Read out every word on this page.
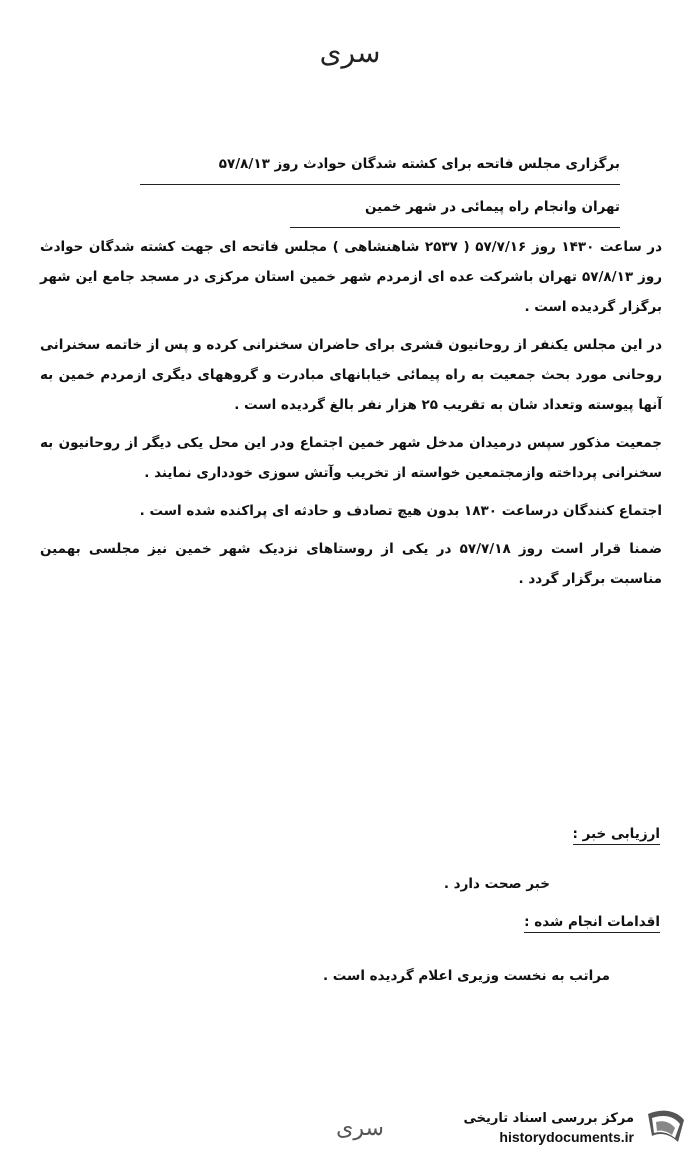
سری
برگزاری مجلس فاتحه برای کشته شدگان حوادث روز ۵۷/۸/۱۳
تهران وانجام راه پیمائی در شهر خمین

در ساعت ۱۴۳۰ روز ۵۷/۷/۱۶ ( ۲۵۳۷ شاهنشاهی ) مجلس فاتحه ای جهت کشته شدگان حوادث روز ۵۷/۸/۱۳ تهران باشرکت عده ای ازمردم شهر خمین استان مرکزی در مسجد جامع این شهر برگزار گردیده است .

در این مجلس یکنفر از روحانیون قشری برای حاضران سخنرانی کرده و پس از خاتمه سخنرانی روحانی مورد بحث جمعیت به راه پیمائی خیابانهای مبادرت و گروههای دیگری ازمردم خمین به آنها پیوسته وتعداد شان به تقریب ۲۵ هزار نفر بالغ گردیده است .

جمعیت مذکور سپس درمیدان مدخل شهر خمین اجتماع ودر این محل یکی دیگر از روحانیون به سخنرانی پرداخته وازمجتمعین خواسته از تخریب وآتش سوزی خودداری نمایند .

اجتماع کنندگان درساعت ۱۸۳۰ بدون هیچ تصادف و حادثه ای پراکنده شده است .

ضمنا قرار است روز ۵۷/۷/۱۸ در یکی از روستاهای نزدیک شهر خمین نیز مجلسی بهمین مناسبت برگزار گردد .

ارزیابی خبر :
خبر صحت دارد .
اقدامات انجام شده :
مراتب به نخست وزیری اعلام گردیده است .
سری	مرکز بررسی اسناد تاریخی
historydocuments.ir
